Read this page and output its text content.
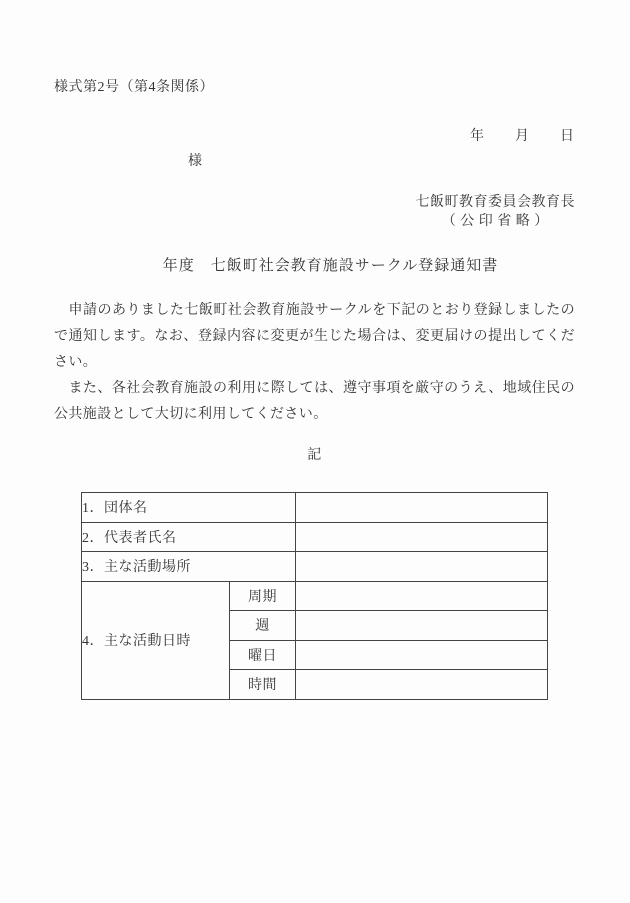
様式第2号（第4条関係）
年　　月　　日
様
七飯町教育委員会教育長
（ 公 印 省 略 ）
　　年度　七飯町社会教育施設サークル登録通知書

　申請のありました七飯町社会教育施設サークルを下記のとおり登録しましたので通知します。なお、登録内容に変更が生じた場合は、変更届けの提出してください。

　また、各社会教育施設の利用に際しては、遵守事項を厳守のうえ、地域住民の公共施設として大切に利用してください。

記
1．団体名		
2．代表者氏名		
3．主な活動場所		
4．主な活動日時	周期	
	週	
	曜日	
	時間	
